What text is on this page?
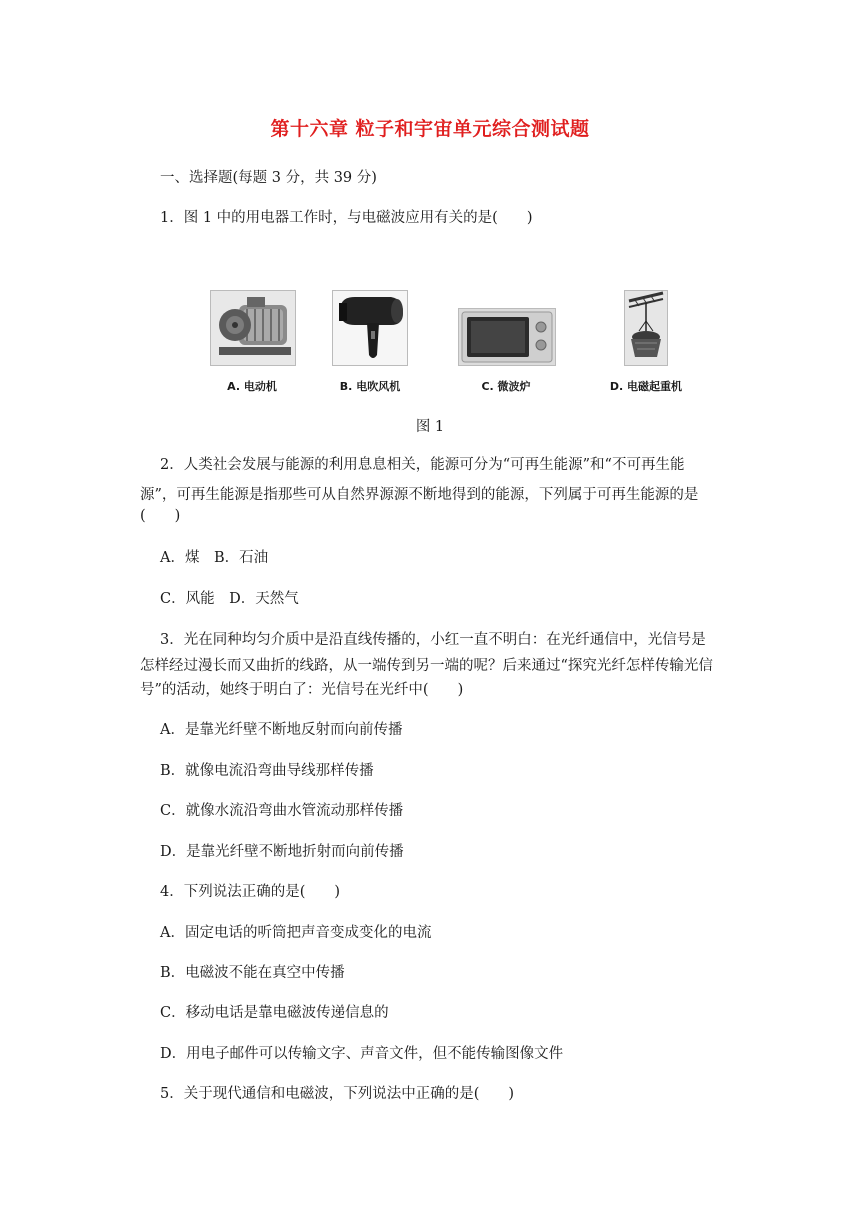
第十六章 粒子和宇宙单元综合测试题
一、选择题(每题 3 分，共 39 分)
1．图 1 中的用电器工作时，与电磁波应用有关的是(　　)
A. 电动机	B. 电吹风机	C. 微波炉	D. 电磁起重机
图 1
2．人类社会发展与能源的利用息息相关，能源可分为“可再生能源”和“不可再生能
源”，可再生能源是指那些可从自然界源源不断地得到的能源，下列属于可再生能源的是
(　　)
A．煤　B．石油
C．风能　D．天然气
3．光在同种均匀介质中是沿直线传播的，小红一直不明白：在光纤通信中，光信号是
怎样经过漫长而又曲折的线路，从一端传到另一端的呢？后来通过“探究光纤怎样传输光信
号”的活动，她终于明白了：光信号在光纤中(　　)
A．是靠光纤壁不断地反射而向前传播
B．就像电流沿弯曲导线那样传播
C．就像水流沿弯曲水管流动那样传播
D．是靠光纤壁不断地折射而向前传播
4．下列说法正确的是(　　)
A．固定电话的听筒把声音变成变化的电流
B．电磁波不能在真空中传播
C．移动电话是靠电磁波传递信息的
D．用电子邮件可以传输文字、声音文件，但不能传输图像文件
5．关于现代通信和电磁波，下列说法中正确的是(　　)
